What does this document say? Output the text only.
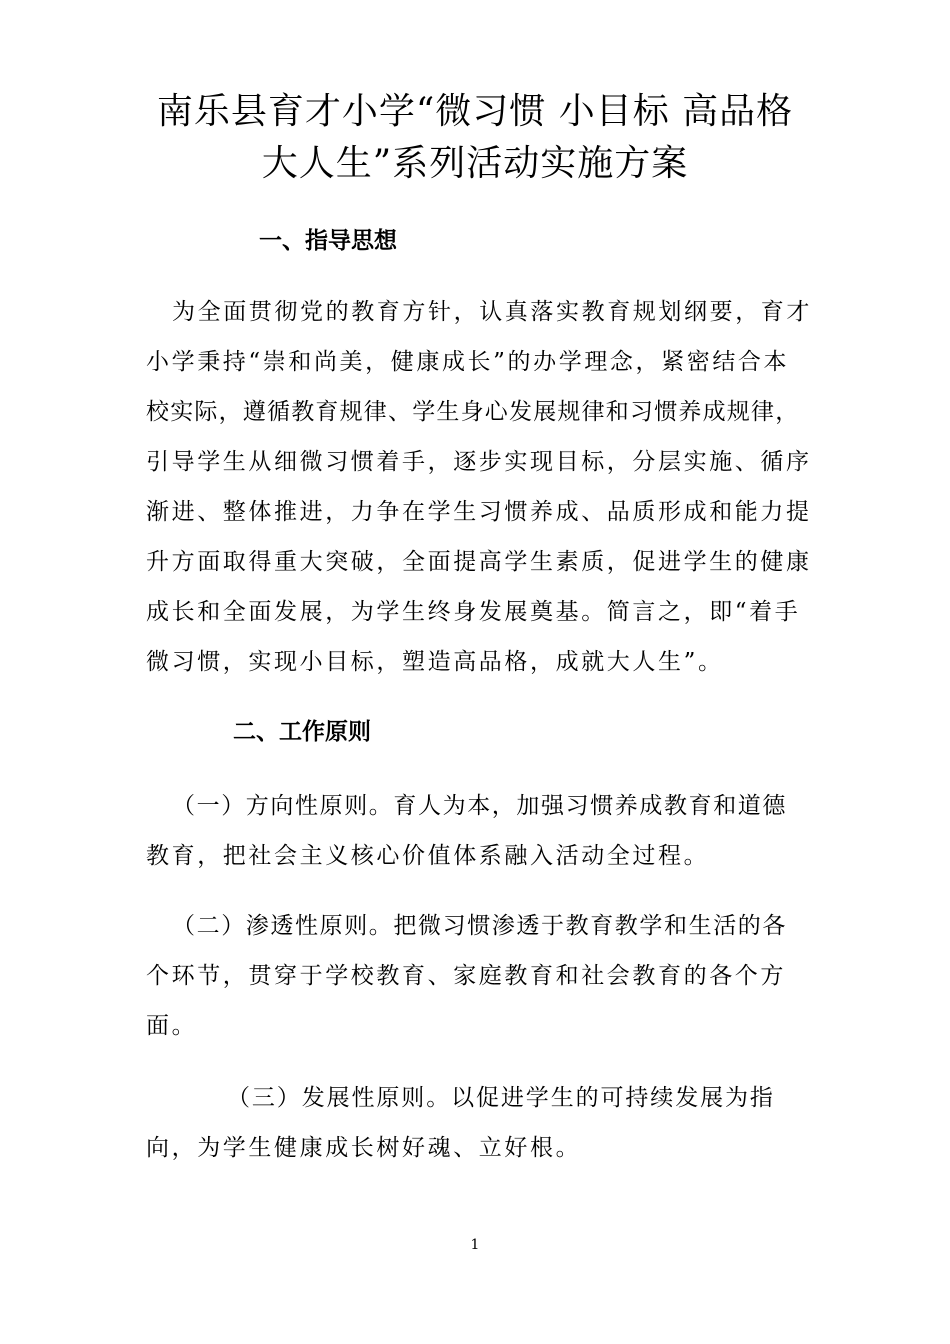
南乐县育才小学“微习惯 小目标 高品格
大人生”系列活动实施方案
一、指导思想
为全面贯彻党的教育方针，认真落实教育规划纲要，育才
小学秉持“崇和尚美，健康成长”的办学理念，紧密结合本
校实际，遵循教育规律、学生身心发展规律和习惯养成规律，
引导学生从细微习惯着手，逐步实现目标，分层实施、循序
渐进、整体推进，力争在学生习惯养成、品质形成和能力提
升方面取得重大突破，全面提高学生素质，促进学生的健康
成长和全面发展，为学生终身发展奠基。简言之，即“着手
微习惯，实现小目标，塑造高品格，成就大人生”。
二、工作原则
（一）方向性原则。育人为本，加强习惯养成教育和道德
教育，把社会主义核心价值体系融入活动全过程。
（二）渗透性原则。把微习惯渗透于教育教学和生活的各
个环节，贯穿于学校教育、家庭教育和社会教育的各个方
面。
（三）发展性原则。以促进学生的可持续发展为指
向，为学生健康成长树好魂、立好根。
1
